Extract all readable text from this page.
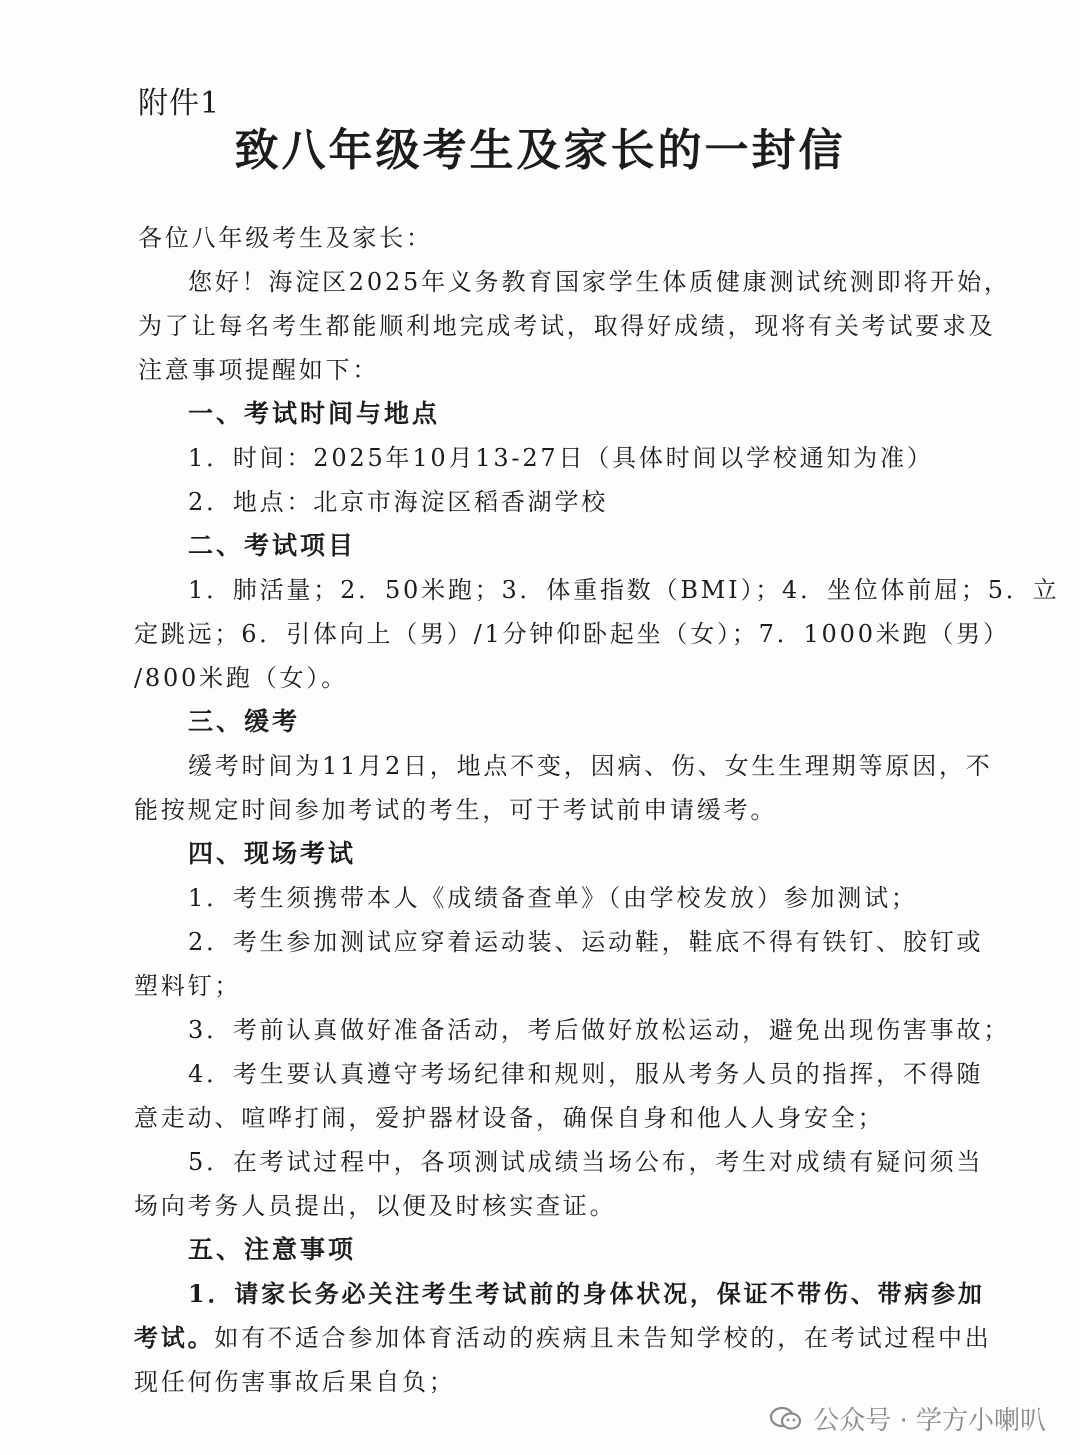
附件1
致八年级考生及家长的一封信
各位八年级考生及家长：
您好！海淀区2025年义务教育国家学生体质健康测试统测即将开始，
为了让每名考生都能顺利地完成考试，取得好成绩，现将有关考试要求及
注意事项提醒如下：
一、考试时间与地点
1．时间：2025年10月13-27日（具体时间以学校通知为准）
2．地点：北京市海淀区稻香湖学校
二、考试项目
1．肺活量；2．50米跑；3．体重指数（BMI）；4．坐位体前屈；5．立
定跳远；6．引体向上（男）/1分钟仰卧起坐（女）；7．1000米跑（男）
/800米跑（女）。
三、缓考
缓考时间为11月2日，地点不变，因病、伤、女生生理期等原因，不
能按规定时间参加考试的考生，可于考试前申请缓考。
四、现场考试
1．考生须携带本人《成绩备查单》（由学校发放）参加测试；
2．考生参加测试应穿着运动装、运动鞋，鞋底不得有铁钉、胶钉或
塑料钉；
3．考前认真做好准备活动，考后做好放松运动，避免出现伤害事故；
4．考生要认真遵守考场纪律和规则，服从考务人员的指挥，不得随
意走动、喧哗打闹，爱护器材设备，确保自身和他人人身安全；
5．在考试过程中，各项测试成绩当场公布，考生对成绩有疑问须当
场向考务人员提出，以便及时核实查证。
五、注意事项
1．请家长务必关注考生考试前的身体状况，保证不带伤、带病参加
考试。如有不适合参加体育活动的疾病且未告知学校的，在考试过程中出
现任何伤害事故后果自负；
公众号 · 学方小喇叭
